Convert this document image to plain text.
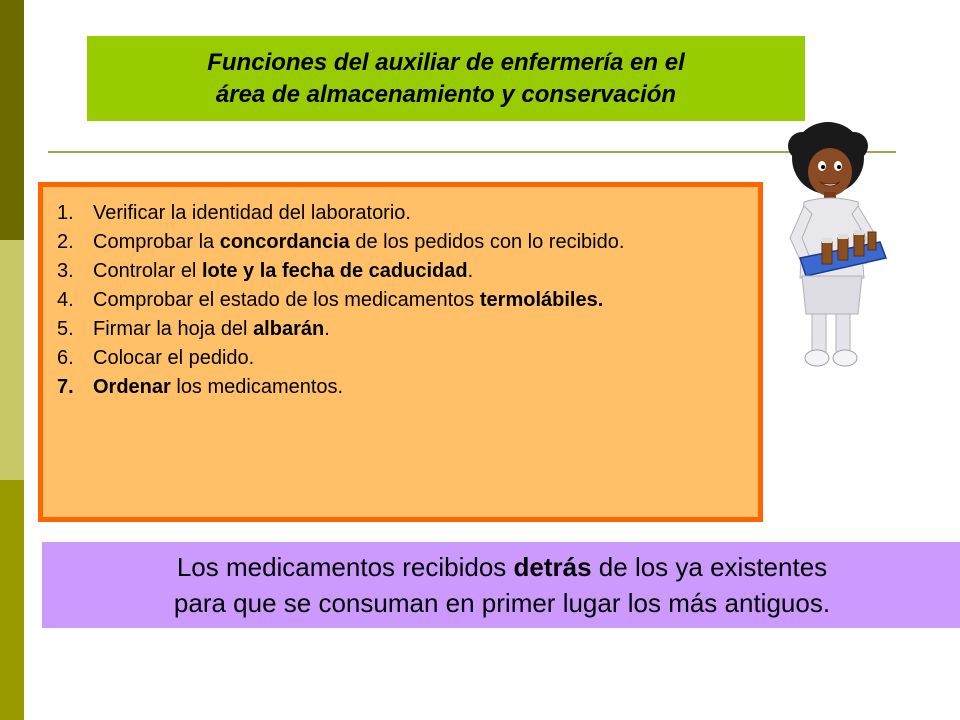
Funciones del auxiliar de enfermería en el
área de almacenamiento y conservación
1. Verificar la identidad del laboratorio.
2. Comprobar la concordancia de los pedidos con lo recibido.
3. Controlar el lote y la fecha de caducidad.
4. Comprobar el estado de los medicamentos termolábiles.
5. Firmar la hoja del albarán.
6. Colocar el pedido.
7. Ordenar los medicamentos.
Los medicamentos recibidos detrás de los ya existentes
para que se consuman en primer lugar los más antiguos.
